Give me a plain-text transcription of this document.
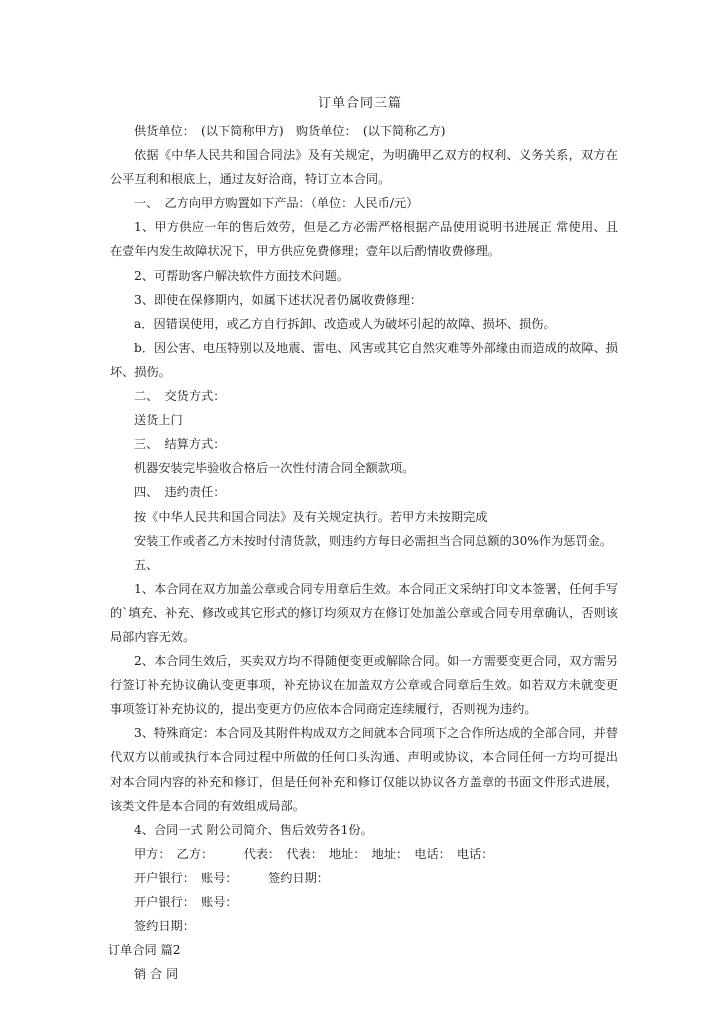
订单合同三篇

供货单位：　(以下简称甲方)　购货单位：　(以下简称乙方)

依据《中华人民共和国合同法》及有关规定，为明确甲乙双方的权利、义务关系，双方在公平互利和根底上，通过友好洽商，特订立本合同。

一、　乙方向甲方购置如下产品：（单位：人民币/元）

1、甲方供应一年的售后效劳，但是乙方必需严格根据产品使用说明书进展正 常使用、且在壹年内发生故障状况下，甲方供应免费修理；壹年以后酌情收费修理。

2、可帮助客户解决软件方面技术问题。

3、即使在保修期内，如属下述状况者仍属收费修理：

a．因错误使用，或乙方自行拆卸、改造或人为破坏引起的故障、损坏、损伤。

b．因公害、电压特别以及地震、雷电、风害或其它自然灾难等外部缘由而造成的故障、损坏、损伤。

二、　交货方式：

送货上门

三、　结算方式：

机器安装完毕验收合格后一次性付清合同全额款项。

四、　违约责任：

按《中华人民共和国合同法》及有关规定执行。若甲方未按期完成

安装工作或者乙方未按时付清货款，则违约方每日必需担当合同总额的30%作为惩罚金。

五、

1、本合同在双方加盖公章或合同专用章后生效。本合同正文采纳打印文本签署，任何手写的`填充、补充、修改或其它形式的修订均须双方在修订处加盖公章或合同专用章确认，否则该局部内容无效。

2、本合同生效后，买卖双方均不得随便变更或解除合同。如一方需要变更合同，双方需另行签订补充协议确认变更事项，补充协议在加盖双方公章或合同章后生效。如若双方未就变更事项签订补充协议的，提出变更方仍应依本合同商定连续履行，否则视为违约。

3、特殊商定：本合同及其附件构成双方之间就本合同项下之合作所达成的全部合同，并替代双方以前或执行本合同过程中所做的任何口头沟通、声明或协议，本合同任何一方均可提出对本合同内容的补充和修订，但是任何补充和修订仅能以协议各方盖章的书面文件形式进展，该类文件是本合同的有效组成局部。

4、合同一式 附公司简介、售后效劳各1份。

甲方：　乙方：　　　代表：　代表：　地址：　地址：　电话：　电话：

开户银行：　账号：　　　签约日期：

开户银行：　账号：

签约日期：

订单合同 篇2

销 合 同
